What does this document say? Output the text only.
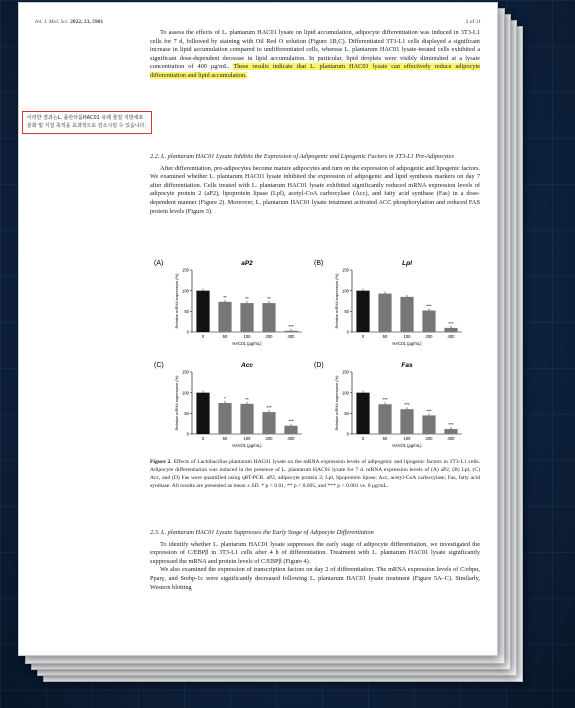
Int. J. Mol. Sci. 2022, 23, 5901	3 of 11
이러한 결과는L. 플란타룸HAC01 유래 물질 지방세포 분화 및 지질 축적을 효과적으로 감소시킬 수 있습니다.

To assess the effects of L. plantarum HAC01 lysate on lipid accumulation, adipocyte differentiation was induced in 3T3-L1 cells for 7 d, followed by staining with Oil Red O solution (Figure 1B,C). Differentiated 3T3-L1 cells displayed a significant increase in lipid accumulation compared to undifferentiated cells, whereas L. plantarum HAC01 lysate-treated cells exhibited a significant dose-dependent decrease in lipid accumulation. In particular, lipid droplets were visibly diminished at a lysate concentration of 400 μg/mL. These results indicate that L. plantarum HAC01 lysate can effectively reduce adipocyte differentiation and lipid accumulation.

2.2. L. plantarum HAC01 Lysate Inhibits the Expression of Adipogenic and Lipogenic Factors in 3T3-L1 Pre-Adipocytes

After differentiation, pre-adipocytes become mature adipocytes and turn on the expression of adipogenic and lipogenic factors. We examined whether L. plantarum HAC01 lysate inhibited the expression of adipogenic and lipid synthesis markers on day 7 after differentiation. Cells treated with L. plantarum HAC01 lysate exhibited significantly reduced mRNA expression levels of adipocyte protein 2 (aP2), lipoprotein lipase (Lpl), acetyl-CoA carboxylase (Acc), and fatty acid synthase (Fas) in a dose-dependent manner (Figure 2). Moreover, L. plantarum HAC01 lysate treatment activated ACC phosphorylation and reduced FAS protein levels (Figure 3).

(A)	aP2
0
50
100
150
Relative mRNA expression (%)
0
**
50
**
100
**
200
***
400
HAC01 (μg/mL)
(B)	Lpl
0
50
100
150
Relative mRNA expression (%)
0	50	100
***
200
***
400
HAC01 (μg/mL)
(C)	Acc
0
50
100
150
Relative mRNA expression (%)
0
*
50
**
100
***
200
***
400
HAC01 (μg/mL)
(D)	Fas
0
50
100
150
Relative mRNA expression (%)
0
***
50
***
100
***
200
***
400
HAC01 (μg/mL)
Figure 2. Effects of Lactobacillus plantarum HAC01 lysate on the mRNA expression levels of adipogenic and lipogenic factors in 3T3-L1 cells. Adipocyte differentiation was induced in the presence of L. plantarum HAC01 lysate for 7 d. mRNA expression levels of (A) aP2, (B) Lpl, (C) Acc, and (D) Fas were quantified using qRT-PCR. aP2, adipocyte protein 2; Lpl, lipoprotein lipase; Acc, acetyl-CoA carboxylase; Fas, fatty acid synthase. All results are presented as mean ± SD. * p < 0.01, ** p < 0.005, and *** p < 0.001 vs. 0 μg/mL.
2.3. L. plantarum HAC01 Lysate Suppresses the Early Stage of Adipocyte Differentiation

To identify whether L. plantarum HAC01 lysate suppresses the early stage of adipocyte differentiation, we investigated the expression of C/EBPβ in 3T3-L1 cells after 4 h of differentiation. Treatment with L. plantarum HAC01 lysate significantly suppressed the mRNA and protein levels of C/EBPβ (Figure 4).

We also examined the expression of transcription factors on day 2 of differentiation. The mRNA expression levels of C/ebpα, Pparγ, and Srebp-1c were significantly decreased following L. plantarum HAC01 lysate treatment (Figure 5A–C). Similarly, Western blotting
